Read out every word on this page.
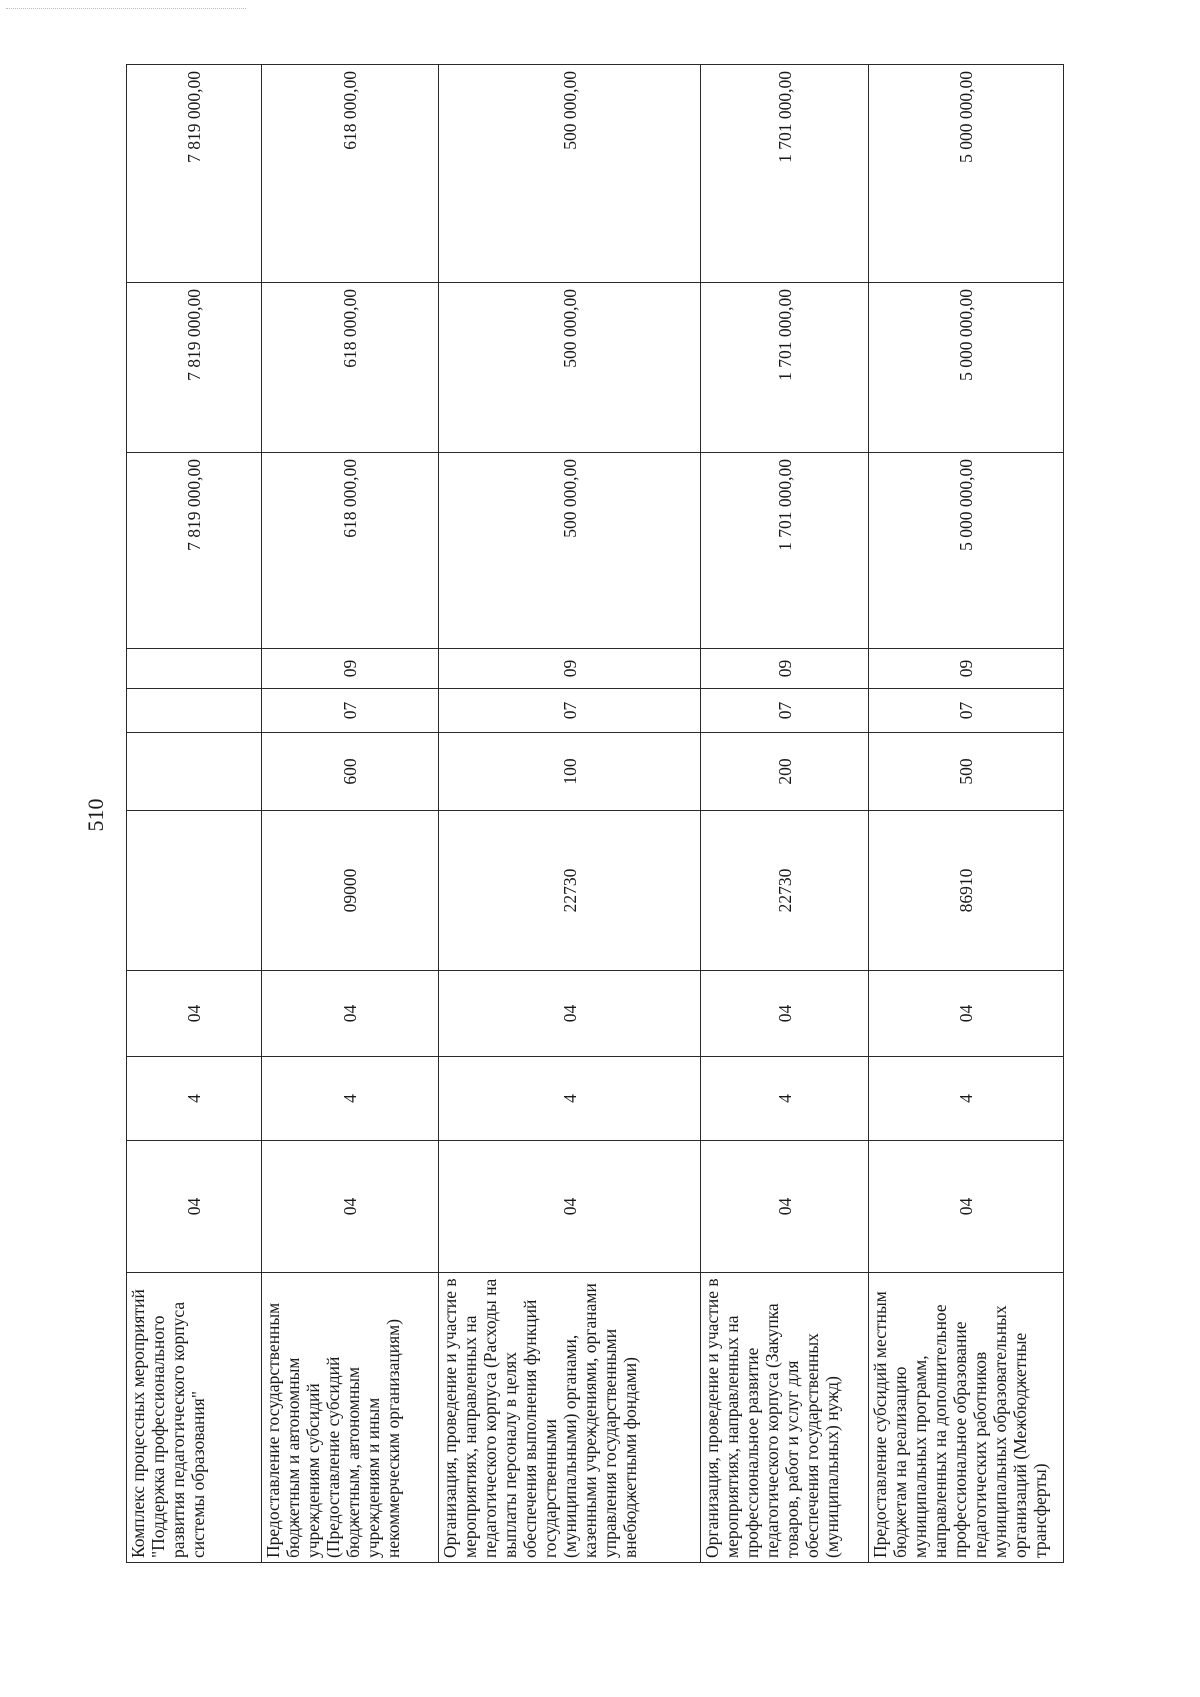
510
Комплекс процессных мероприятий "Поддержка профессионального развития педагогического корпуса системы образования"	04	4	04					7 819 000,00	7 819 000,00	7 819 000,00
Предоставление государственным бюджетным и автономным учреждениям субсидий (Предоставление субсидий бюджетным, автономным учреждениям и иным некоммерческим организациям)	04	4	04	09000	600	07	09	618 000,00	618 000,00	618 000,00
Организация, проведение и участие в мероприятиях, направленных на педагогического корпуса (Расходы на выплаты персоналу в целях обеспечения выполнения функций государственными (муниципальными) органами, казенными учреждениями, органами управления государственными внебюджетными фондами)	04	4	04	22730	100	07	09	500 000,00	500 000,00	500 000,00
Организация, проведение и участие в мероприятиях, направленных на профессиональное развитие педагогического корпуса (Закупка товаров, работ и услуг для обеспечения государственных (муниципальных) нужд)	04	4	04	22730	200	07	09	1 701 000,00	1 701 000,00	1 701 000,00
Предоставление субсидий местным бюджетам на реализацию муниципальных программ, направленных на дополнительное профессиональное образование педагогических работников муниципальных образовательных организаций (Межбюджетные трансферты)	04	4	04	86910	500	07	09	5 000 000,00	5 000 000,00	5 000 000,00
